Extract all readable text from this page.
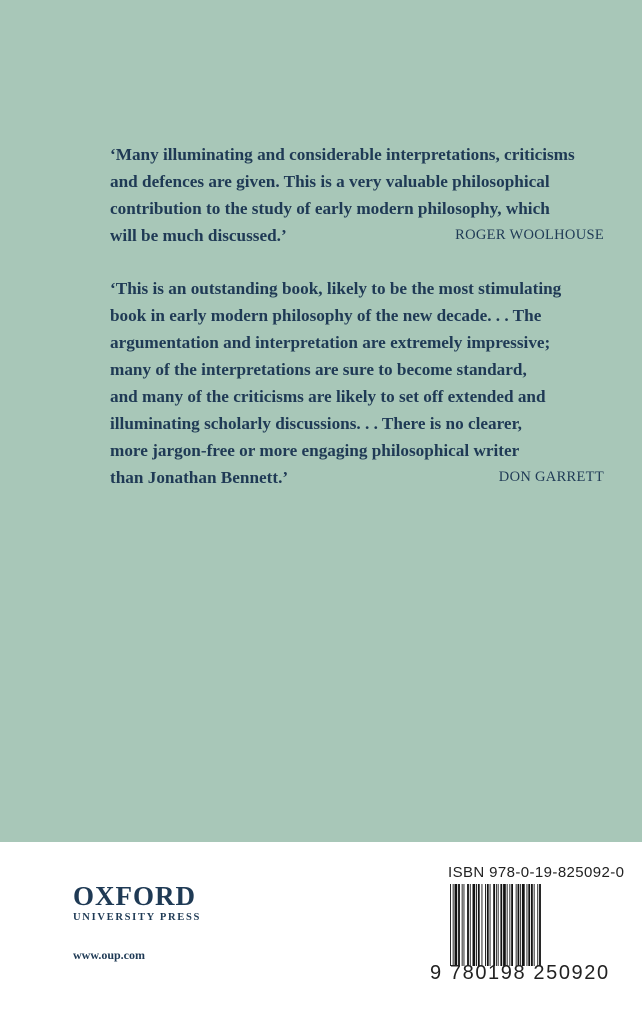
‘Many illuminating and considerable interpretations, criticisms
and defences are given. This is a very valuable philosophical
contribution to the study of early modern philosophy, which
will be much discussed.’	ROGER WOOLHOUSE
‘This is an outstanding book, likely to be the most stimulating
book in early modern philosophy of the new decade. . . The
argumentation and interpretation are extremely impressive;
many of the interpretations are sure to become standard,
and many of the criticisms are likely to set off extended and
illuminating scholarly discussions. . . There is no clearer,
more jargon-free or more engaging philosophical writer
than Jonathan Bennett.’	DON GARRETT
OXFORD
UNIVERSITY PRESS
www.oup.com
ISBN 978-0-19-825092-0
9 780198 250920
